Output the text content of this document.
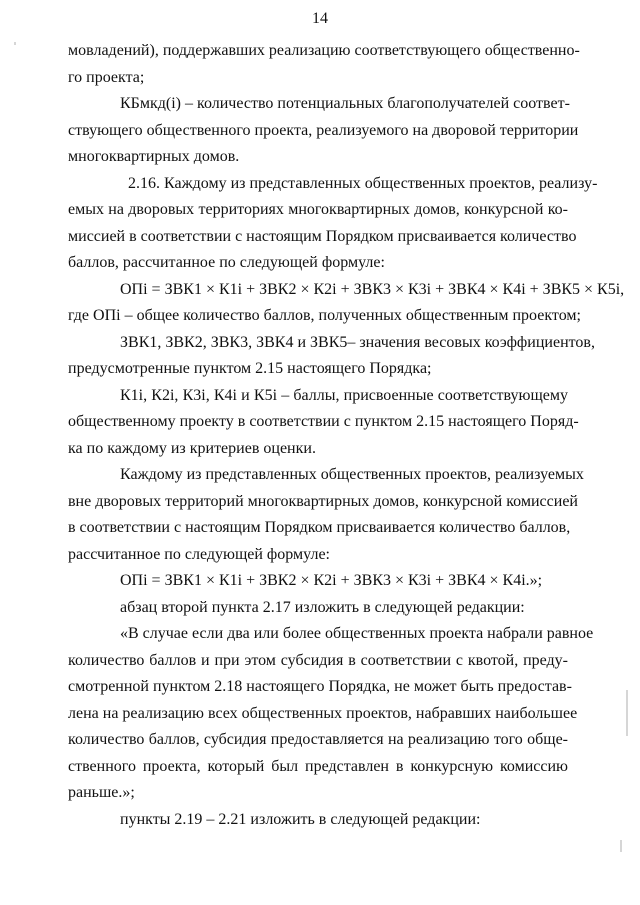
14
мовладений), поддержавших реализацию соответствующего общественно-
го проекта;
КБмкд(i) – количество потенциальных благополучателей соответ-
ствующего общественного проекта, реализуемого на дворовой территории
многоквартирных домов.
2.16. Каждому из представленных общественных проектов, реализу-
емых на дворовых территориях многоквартирных домов, конкурсной ко-
миссией в соответствии с настоящим Порядком присваивается количество
баллов, рассчитанное по следующей формуле:
ОПi = ЗВК1 × К1i + ЗВК2 × К2i + ЗВК3 × К3i + ЗВК4 × К4i + ЗВК5 × К5i,
где ОПi – общее количество баллов, полученных общественным проектом;
ЗВК1, ЗВК2, ЗВК3, ЗВК4 и ЗВК5– значения весовых коэффициентов,
предусмотренные пунктом 2.15 настоящего Порядка;
К1i, К2i, К3i, К4i и К5i – баллы, присвоенные соответствующему
общественному проекту в соответствии с пунктом 2.15 настоящего Поряд-
ка по каждому из критериев оценки.
Каждому из представленных общественных проектов, реализуемых
вне дворовых территорий многоквартирных домов, конкурсной комиссией
в соответствии с настоящим Порядком присваивается количество баллов,
рассчитанное по следующей формуле:
ОПi = ЗВК1 × К1i + ЗВК2 × К2i + ЗВК3 × К3i + ЗВК4 × К4i.»;
абзац второй пункта 2.17 изложить в следующей редакции:
«В случае если два или более общественных проекта набрали равное
количество баллов и при этом субсидия в соответствии с квотой, преду-
смотренной пунктом 2.18 настоящего Порядка, не может быть предостав-
лена на реализацию всех общественных проектов, набравших наибольшее
количество баллов, субсидия предоставляется на реализацию того обще-
ственного проекта, который был представлен в конкурсную комиссию
раньше.»;
пункты 2.19 – 2.21 изложить в следующей редакции:
